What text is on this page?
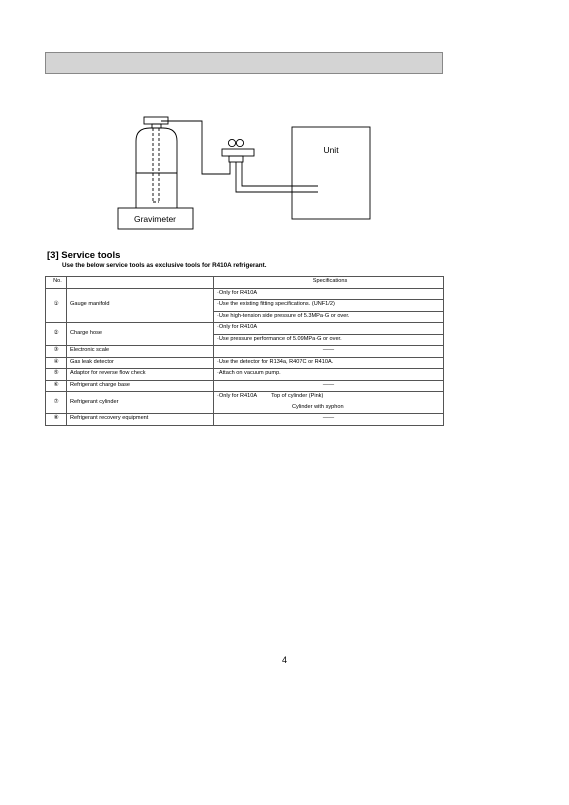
Unit
Gravimeter
[3] Service tools
Use the below service tools as exclusive tools for R410A refrigerant.
No.		Specifications
①	Gauge manifold	·Only for R410A
		·Use the existing fitting specifications. (UNF1/2)
		·Use high-tension side pressure of 5.3MPa·G or over.
②	Charge hose	·Only for R410A
		·Use pressure performance of 5.09MPa·G or over.
③	Electronic scale	——
④	Gas leak detector	·Use the detector for R134a, R407C or R410A.
⑤	Adaptor for reverse flow check	·Attach on vacuum pump.
⑥	Refrigerant charge base	——
⑦	Refrigerant cylinder	·Only for R410A Top of cylinder (Pink)
		Cylinder with syphon
⑧	Refrigerant recovery equipment	——
4
